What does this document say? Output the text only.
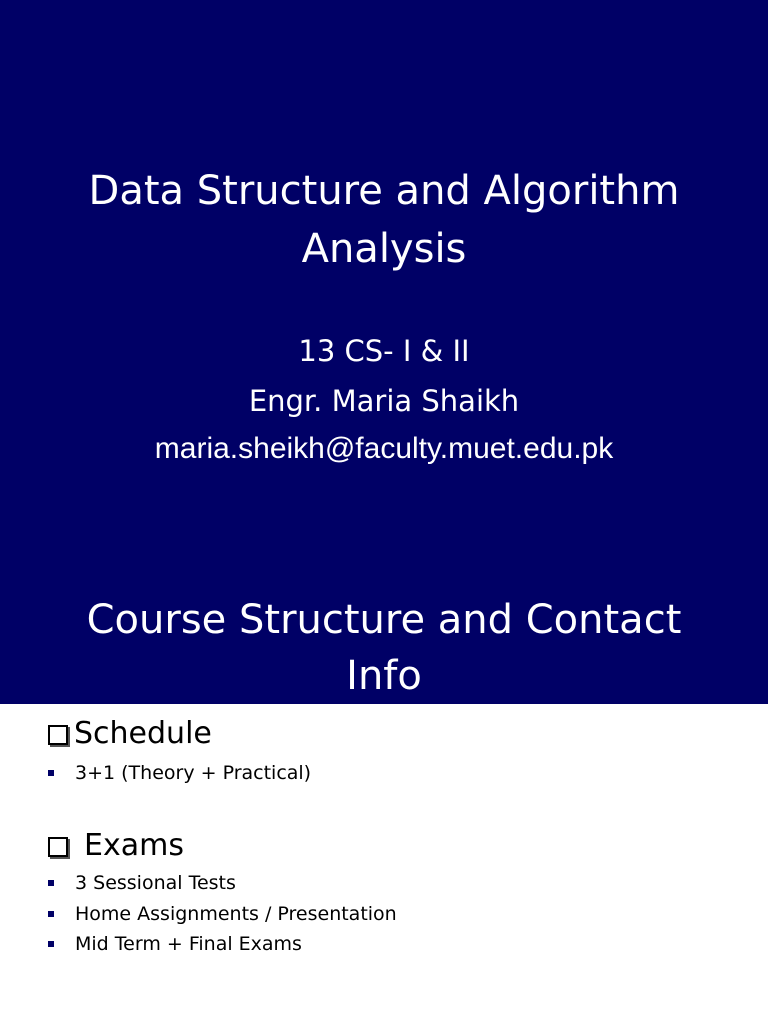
Data Structure and Algorithm
Analysis
13 CS- I & II
Engr. Maria Shaikh
maria.sheikh@faculty.muet.edu.pk
Course Structure and Contact
Info
Schedule
3+1 (Theory + Practical)
Exams
3 Sessional Tests
Home Assignments / Presentation
Mid Term + Final Exams
